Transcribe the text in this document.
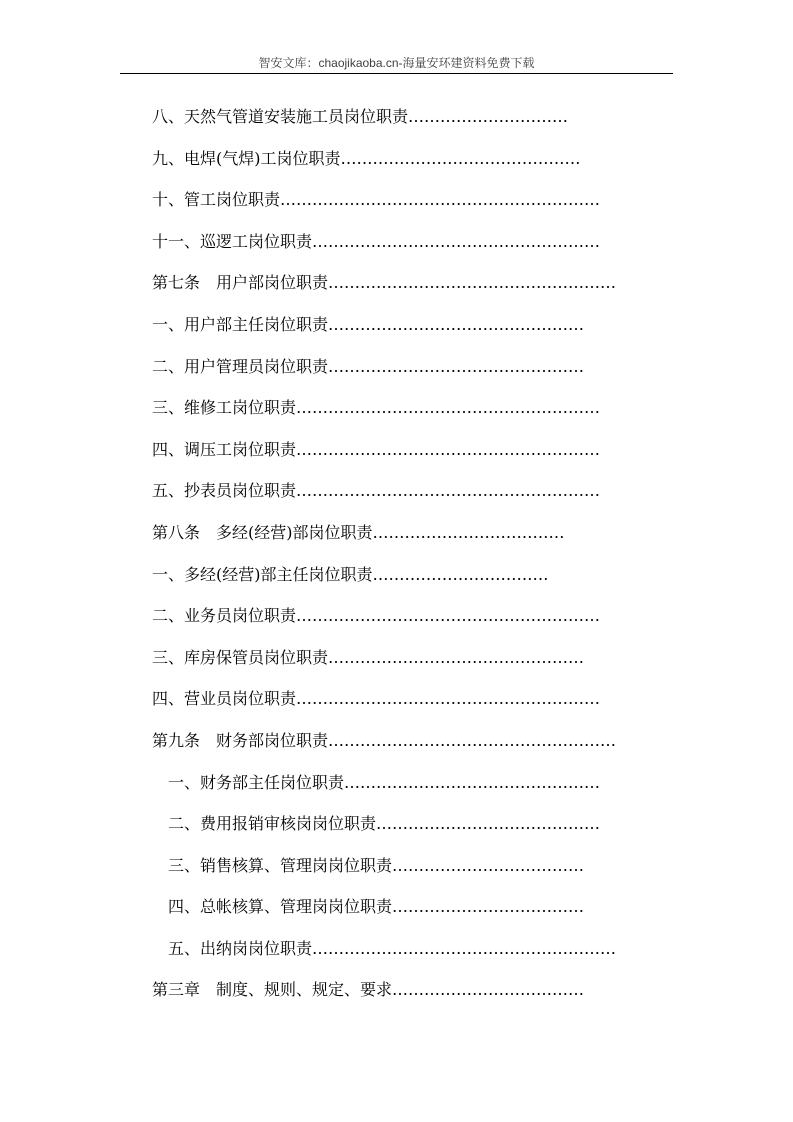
智安文库：chaojikaoba.cn-海量安环建资料免费下载
八、天然气管道安装施工员岗位职责 …………………………
九、电焊(气焊)工岗位职责 ………………………………………
十、管工岗位职责 ……………………………………………………
十一、巡逻工岗位职责 ………………………………………………
第七条　用户部岗位职责 ………………………………………………
一、用户部主任岗位职责 …………………………………………
二、用户管理员岗位职责 …………………………………………
三、维修工岗位职责 …………………………………………………
四、调压工岗位职责 …………………………………………………
五、抄表员岗位职责 …………………………………………………
第八条　多经(经营)部岗位职责 ………………………………
一、多经(经营)部主任岗位职责 ……………………………
二、业务员岗位职责 …………………………………………………
三、库房保管员岗位职责 …………………………………………
四、营业员岗位职责 …………………………………………………
第九条　财务部岗位职责 ………………………………………………
一、财务部主任岗位职责 …………………………………………
二、费用报销审核岗岗位职责 ……………………………………
三、销售核算、管理岗岗位职责 ………………………………
四、总帐核算、管理岗岗位职责 ………………………………
五、出纳岗岗位职责 …………………………………………………
第三章　制度、规则、规定、要求 ………………………………
